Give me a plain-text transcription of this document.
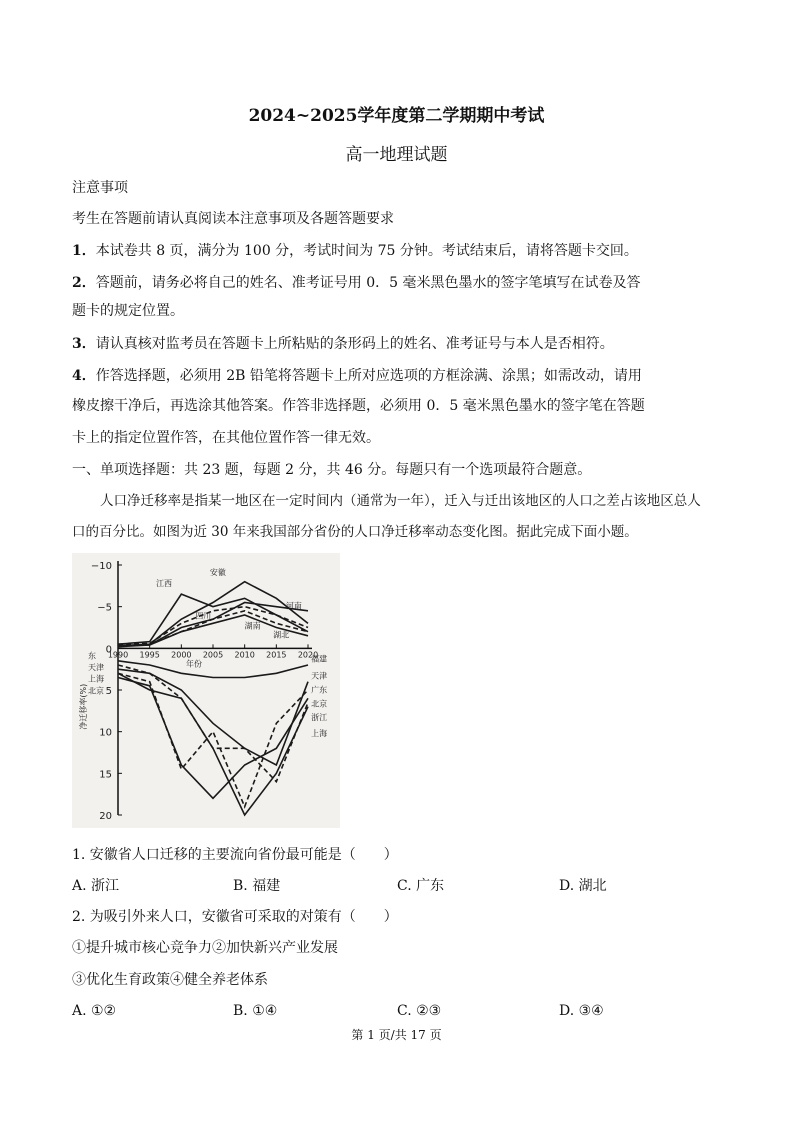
2024~2025学年度第二学期期中考试
高一地理试题
注意事项
考生在答题前请认真阅读本注意事项及各题答题要求
1．本试卷共 8 页，满分为 100 分，考试时间为 75 分钟。考试结束后，请将答题卡交回。
2．答题前，请务必将自己的姓名、准考证号用 0．5 毫米黑色墨水的签字笔填写在试卷及答
题卡的规定位置。
3．请认真核对监考员在答题卡上所粘贴的条形码上的姓名、准考证号与本人是否相符。
4．作答选择题，必须用 2B 铅笔将答题卡上所对应选项的方框涂满、涂黑；如需改动，请用
橡皮擦干净后，再选涂其他答案。作答非选择题，必须用 0．5 毫米黑色墨水的签字笔在答题
卡上的指定位置作答，在其他位置作答一律无效。
一、单项选择题：共 23 题，每题 2 分，共 46 分。每题只有一个选项最符合题意。
人口净迁移率是指某一地区在一定时间内（通常为一年），迁入与迁出该地区的人口之差占该地区总人
口的百分比。如图为近 30 年来我国部分省份的人口净迁移率动态变化图。据此完成下面小题。
−10
−5
0
5
10
15
20
1990 1995 2000 2005 2010 2015 2020
年份
净迁移率(%)
江西
安徽
河南
四川
湖南
湖北
福建
天津
广东
北京
浙江
上海
东
天津
上海
北京
1. 安徽省人口迁移的主要流向省份最可能是（　　）
A. 浙江	B. 福建	C. 广东	D. 湖北
2. 为吸引外来人口，安徽省可采取的对策有（　　）
①提升城市核心竞争力②加快新兴产业发展
③优化生育政策④健全养老体系
A. ①②	B. ①④	C. ②③	D. ③④
第 1 页/共 17 页
